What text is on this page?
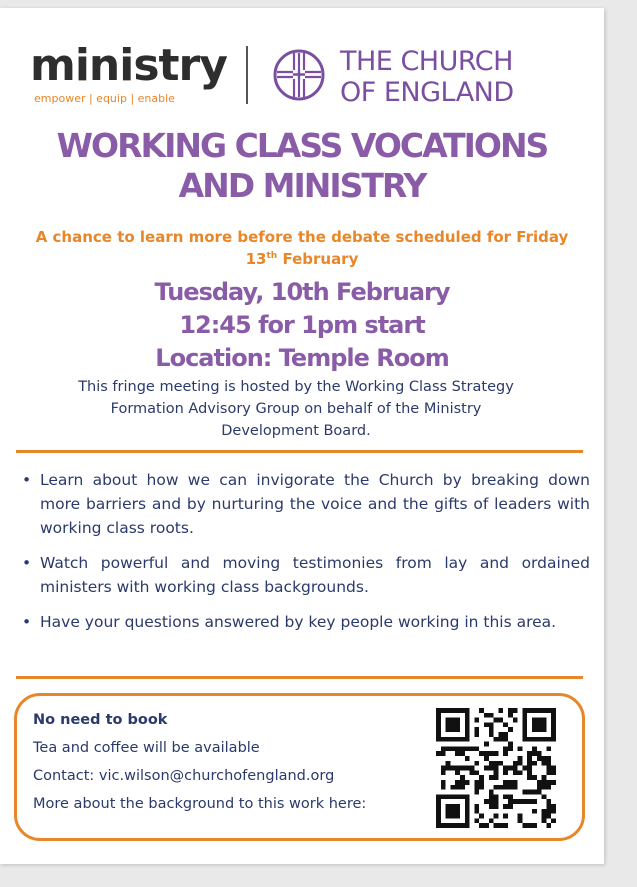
ministry
empower | equip | enable
THE CHURCH
OF ENGLAND
WORKING CLASS VOCATIONS
AND MINISTRY
A chance to learn more before the debate scheduled for Friday
13th February
Tuesday, 10th February
12:45 for 1pm start
Location: Temple Room
This fringe meeting is hosted by the Working Class Strategy
Formation Advisory Group on behalf of the Ministry
Development Board.
• Learn about how we can invigorate the Church by breaking down more barriers and by nurturing the voice and the gifts of leaders with working class roots.
• Watch powerful and moving testimonies from lay and ordained ministers with working class backgrounds.
• Have your questions answered by key people working in this area.
No need to book
Tea and coffee will be available
Contact: vic.wilson@churchofengland.org
More about the background to this work here:
